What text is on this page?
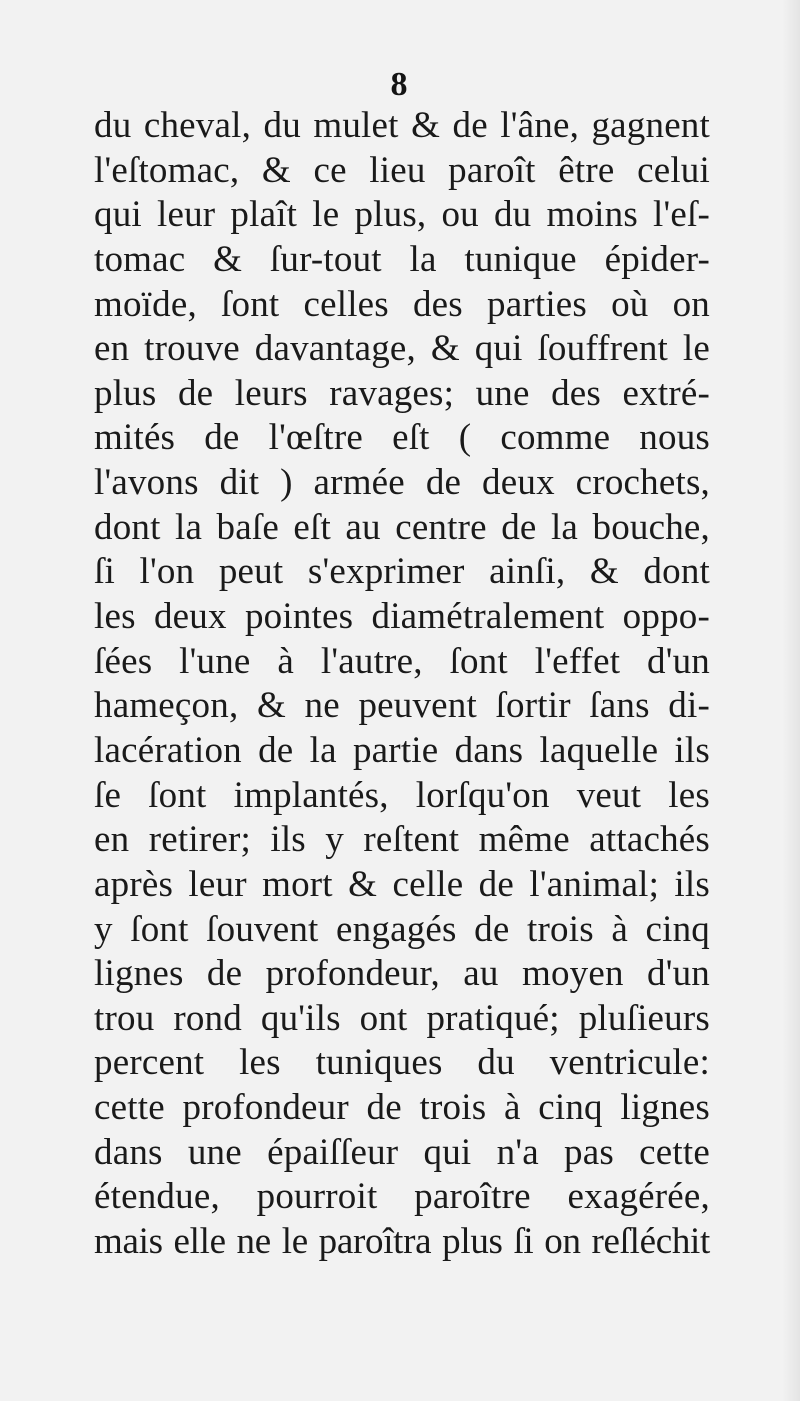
8
du cheval, du mulet & de l'âne, gagnent
l'eſtomac, & ce lieu paroît être celui
qui leur plaît le plus, ou du moins l'eſ-
tomac & ſur-tout la tunique épider-
moïde, ſont celles des parties où on
en trouve davantage, & qui ſouffrent le
plus de leurs ravages; une des extré-
mités de l'œſtre eſt ( comme nous
l'avons dit ) armée de deux crochets,
dont la baſe eſt au centre de la bouche,
ſi l'on peut s'exprimer ainſi, & dont
les deux pointes diamétralement oppo-
ſées l'une à l'autre, ſont l'effet d'un
hameçon, & ne peuvent ſortir ſans di-
lacération de la partie dans laquelle ils
ſe ſont implantés, lorſqu'on veut les
en retirer; ils y reſtent même attachés
après leur mort & celle de l'animal; ils
y ſont ſouvent engagés de trois à cinq
lignes de profondeur, au moyen d'un
trou rond qu'ils ont pratiqué; pluſieurs
percent les tuniques du ventricule:
cette profondeur de trois à cinq lignes
dans une épaiſſeur qui n'a pas cette
étendue, pourroit paroître exagérée,
mais elle ne le paroîtra plus ſi on reſléchit
